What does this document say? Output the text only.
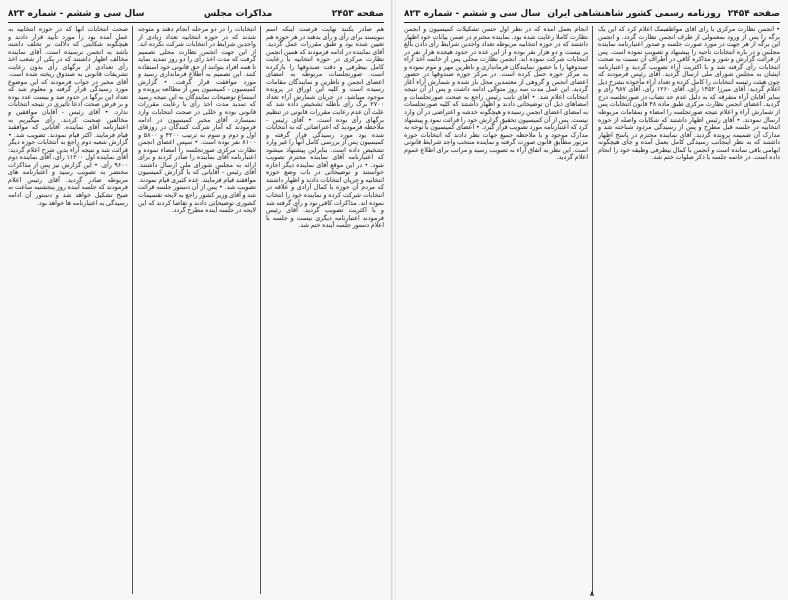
صفحه ۲۴۵۳
مذاکرات مجلس
سال سی و ششم - شماره ۸۲۳

هم صادر بکنند نهایت فرصت اینکه اسم بنویسند برای رأی و رأی بدهند در هر حوزه هم تعیین شده بود و طبق مقررات عمل گردید. آقای نماینده در ادامه فرمودند که همین انجمن نظارت مرکزی در حوزه انتخابیه با رعایت کامل بیطرفی و دقت صندوقها را بازکرده است. صورتجلسات مربوطه به امضای اعضای انجمن و ناظرین و نمایندگان مقامات رسیده است و کلیه این اوراق در پرونده موجود میباشد. در جریان شمارش آراء تعداد ۲۷۰۰ برگ رأی باطله تشخیص داده شد که علت آن عدم رعایت مقررات قانونی در تنظیم برگهای رأی بوده است. • آقای رئیس - ملاحظه فرمودید که اعتراضاتی که به انتخابات شده بود مورد رسیدگی قرار گرفته و کمیسیون پس از بررسی کامل آنها را غیر وارد تشخیص داده است. بنابراین پیشنهاد میشود که اعتبارنامه آقای نماینده محترم تصویب شود. • در این موقع آقای نماینده دیگر اجازه خواستند و توضیحاتی در باب وضع حوزه انتخابیه و جریان انتخابات دادند و اظهار داشتند که مردم آن حوزه با کمال آزادی و علاقه در انتخابات شرکت کرده و نماینده خود را انتخاب نموده اند. مذاکرات کافی بود و رأی گرفته شد و با اکثریت تصویب گردید. آقای رئیس فرمودند اعتبارنامه دیگری نیست و جلسه با اعلام دستور جلسه آینده ختم شد.

انتخابات را در دو مرحله انجام دهند و متوجه شدند که در حوزه انتخابیه تعداد زیادی از واجدین شرایط در انتخابات شرکت نکرده اند. از این جهت انجمن نظارت محلی تصمیم گرفت که مدت اخذ رأی را دو روز تمدید نماید تا همه افراد بتوانند از حق قانونی خود استفاده کنند. این تصمیم به اطلاع فرمانداری رسید و مورد موافقت قرار گرفت. • گزارش کمیسیون - کمیسیون پس از مطالعه پرونده و استماع توضیحات نمایندگان به این نتیجه رسید که تمدید مدت اخذ رأی با رعایت مقررات قانونی بوده و خللی در صحت انتخابات وارد نمیسازد. آقای مخبر کمیسیون در ادامه فرمودند که آمار شرکت کنندگان در روزهای اول و دوم و سوم به ترتیب ۴۲۰۰ و ۵۸۰۰ و ۸۱۰۰ نفر بوده است. • سپس اعضای انجمن نظارت مرکزی صورتجلسه را امضاء نموده و اعتبارنامه آقای نماینده را صادر کردند و برای ارائه به مجلس شورای ملی ارسال داشتند. آقای رئیس - آقایانی که با گزارش کمیسیون موافقند قیام فرمایند. عده کثیری قیام نمودند. تصویب شد. • پس از آن دستور جلسه قرائت شد و آقای وزیر کشور راجع به لایحه تقسیمات کشوری توضیحاتی دادند و تقاضا کردند که این لایحه در جلسه آینده مطرح گردد.

صحت انتخابات آنها که در حوزه انتخابیه به عمل آمده بود را مورد تأیید قرار دادند و هیچگونه شکایتی که دلالت بر تخلف داشته باشد به انجمن نرسیده است. آقای نماینده مخالف اظهار داشتند که در یکی از شعب اخذ رأی تعدادی از برگهای رأی بدون رعایت تشریفات قانونی به صندوق ریخته شده است. آقای مخبر در جواب فرمودند که این موضوع مورد رسیدگی قرار گرفته و معلوم شد که تعداد این برگها در حدود صد و بیست عدد بوده و بر فرض صحت ادعا تأثیری در نتیجه انتخابات ندارد. • آقای رئیس - آقایان موافقین و مخالفین صحبت کردند. رأی میگیریم به اعتبارنامه آقای نماینده. آقایانی که موافقند قیام فرمایند. اکثر قیام نمودند. تصویب شد. • گزارش شعبه دوم راجع به انتخابات حوزه دیگر قرائت شد و نتیجه آراء بدین شرح اعلام گردید: آقای نماینده اول ۱۱۲۰۰ رأی، آقای نماینده دوم ۹۶۰۰ رأی. • این گزارش نیز پس از مذاکرات مختصر به تصویب رسید و اعتبارنامه های مربوطه صادر گردید. آقای رئیس اعلام فرمودند که جلسه آینده روز پنجشنبه ساعت نه صبح تشکیل خواهد شد و دستور آن ادامه رسیدگی به اعتبارنامه ها خواهد بود.

صفحه ۲۴۵۴
روزنامه رسمی کشور شاهنشاهی ایران
سال سی و ششم - شماره ۸۲۳

• انجمن نظارت مرکزی با رأی آقای مواظفیمک اعلام کرد که این یک برگه را پس از ورود بمعمولی از طرف انجمن نظارت گردد. و انجمن این برگه از هر جهت در مورد صورت جلسه و صدور اعتبارنامه نماینده مجلس و در باره انتخابات ناحیه را پیشنهاد و تصویب نموده است. پس از قرائت گزارش و شور و مذاکره کافی در اطراف آن نسبت به صحت انتخابات رأی گرفته شد و با اکثریت آراء تصویب گردید و اعتبارنامه ایشان به مجلس شورای ملی ارسال گردید. آقای رئیس فرمودند که چون هیئت رئیسه انتخابات را کامل کرده و تعداد آراء مأخوذه بشرح ذیل اعلام گردید: آقای میرزا ۱۴۵۲ رأی، آقای ۱۲۶۰ رأی، آقای ۹۸۷ رأی و سایر آقایان آراء متفرقه که به دلیل عدم حد نصاب در صورتجلسه درج گردید. اعضای انجمن نظارت مرکزی طبق ماده ۴۸ قانون انتخابات پس از شمارش آراء و اعلام نتیجه صورتجلسه را امضاء و بمقامات مربوطه ارسال نمودند. • آقای رئیس اظهار داشتند که شکایات واصله از حوزه انتخابیه در جلسه قبل مطرح و پس از رسیدگی مردود شناخته شد و مدارک آن ضمیمه پرونده گردید. آقای نماینده محترم در پاسخ اظهار داشتند که به نظر اینجانب رسیدگی کامل بعمل آمده و جای هیچگونه ابهامی باقی نمانده است و انجمن با کمال بیطرفی وظیفه خود را انجام داده است. در خاتمه جلسه با ذکر صلوات ختم شد.

انجام بعمل آمده که در نظر اول حسن تشکیلات کمیسیون و انجمن نظارت کاملا رعایت شده بود. نماینده محترم در ضمن بیانات خود اظهار داشتند که در حوزه انتخابیه مربوطه تعداد واجدین شرایط رأی دادن بالغ بر بیست و دو هزار نفر بوده و از این عده در حدود هیجده هزار نفر در انتخابات شرکت نموده اند. انجمن نظارت محلی پس از خاتمه اخذ آراء صندوقها را با حضور نمایندگان فرمانداری و ناظرین مهر و موم نموده و به مرکز حوزه حمل کرده است. در مرکز حوزه صندوقها در حضور اعضای انجمن و گروهی از معتمدین محل باز شده و شمارش آراء آغاز گردید. این عمل مدت سه روز متوالی ادامه داشت و پس از آن نتیجه انتخابات اعلام شد. • آقای نایب رئیس راجع به صحت صورتجلسات و امضاهای ذیل آن توضیحاتی دادند و اظهار داشتند که کلیه صورتجلسات به امضای اعضای انجمن رسیده و هیچگونه خدشه و اعتراضی در آن وارد نیست. پس از آن کمیسیون تحقیق گزارش خود را قرائت نمود و پیشنهاد کرد که اعتبارنامه مورد تصویب قرار گیرد. • اعضای کمیسیون با توجه به مدارک موجود و با ملاحظه جمیع جهات نظر دادند که انتخابات حوزه مزبور مطابق قانون صورت گرفته و نماینده منتخب واجد شرایط قانونی است. این نظر به اتفاق آراء به تصویب رسید و مراتب برای اطلاع عموم اعلام گردید.

۸
